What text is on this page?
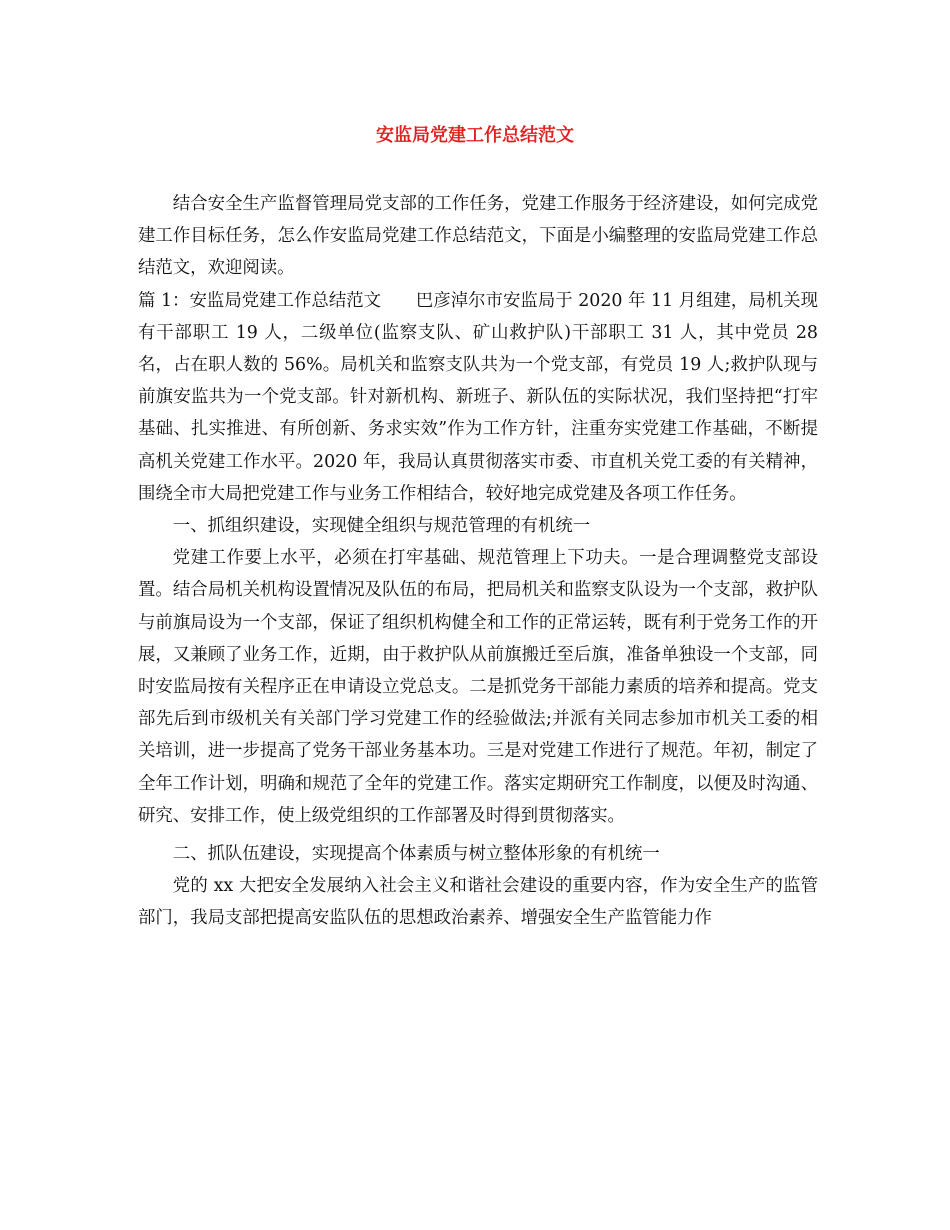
安监局党建工作总结范文

结合安全生产监督管理局党支部的工作任务，党建工作服务于经济建设，如何完成党建工作目标任务，怎么作安监局党建工作总结范文，下面是小编整理的安监局党建工作总结范文，欢迎阅读。

篇 1：安监局党建工作总结范文　　巴彦淖尔市安监局于 2020 年 11 月组建，局机关现有干部职工 19 人，二级单位(监察支队、矿山救护队)干部职工 31 人，其中党员 28 名，占在职人数的 56%。局机关和监察支队共为一个党支部，有党员 19 人;救护队现与前旗安监共为一个党支部。针对新机构、新班子、新队伍的实际状况，我们坚持把“打牢基础、扎实推进、有所创新、务求实效”作为工作方针，注重夯实党建工作基础，不断提高机关党建工作水平。2020 年，我局认真贯彻落实市委、市直机关党工委的有关精神，围绕全市大局把党建工作与业务工作相结合，较好地完成党建及各项工作任务。

一、抓组织建设，实现健全组织与规范管理的有机统一

党建工作要上水平，必须在打牢基础、规范管理上下功夫。一是合理调整党支部设置。结合局机关机构设置情况及队伍的布局，把局机关和监察支队设为一个支部，救护队与前旗局设为一个支部，保证了组织机构健全和工作的正常运转，既有利于党务工作的开展，又兼顾了业务工作，近期，由于救护队从前旗搬迁至后旗，准备单独设一个支部，同时安监局按有关程序正在申请设立党总支。二是抓党务干部能力素质的培养和提高。党支部先后到市级机关有关部门学习党建工作的经验做法;并派有关同志参加市机关工委的相关培训，进一步提高了党务干部业务基本功。三是对党建工作进行了规范。年初，制定了全年工作计划，明确和规范了全年的党建工作。落实定期研究工作制度，以便及时沟通、研究、安排工作，使上级党组织的工作部署及时得到贯彻落实。

二、抓队伍建设，实现提高个体素质与树立整体形象的有机统一

党的 xx 大把安全发展纳入社会主义和谐社会建设的重要内容，作为安全生产的监管部门，我局支部把提高安监队伍的思想政治素养、增强安全生产监管能力作
